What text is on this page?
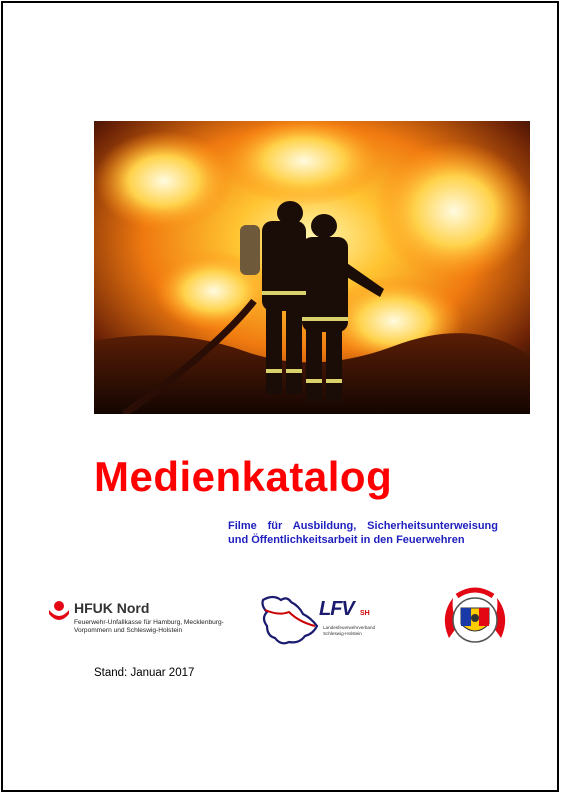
Medienkatalog
Filme für Ausbildung, Sicherheitsunterweisung
und Öffentlichkeitsarbeit in den Feuerwehren
HFUK Nord
Feuerwehr-Unfallkasse für Hamburg, Mecklenburg-Vorpommern und Schleswig-Holstein
LFV SH
Landesfeuerwehrverband Schleswig-Holstein
Stand: Januar 2017
